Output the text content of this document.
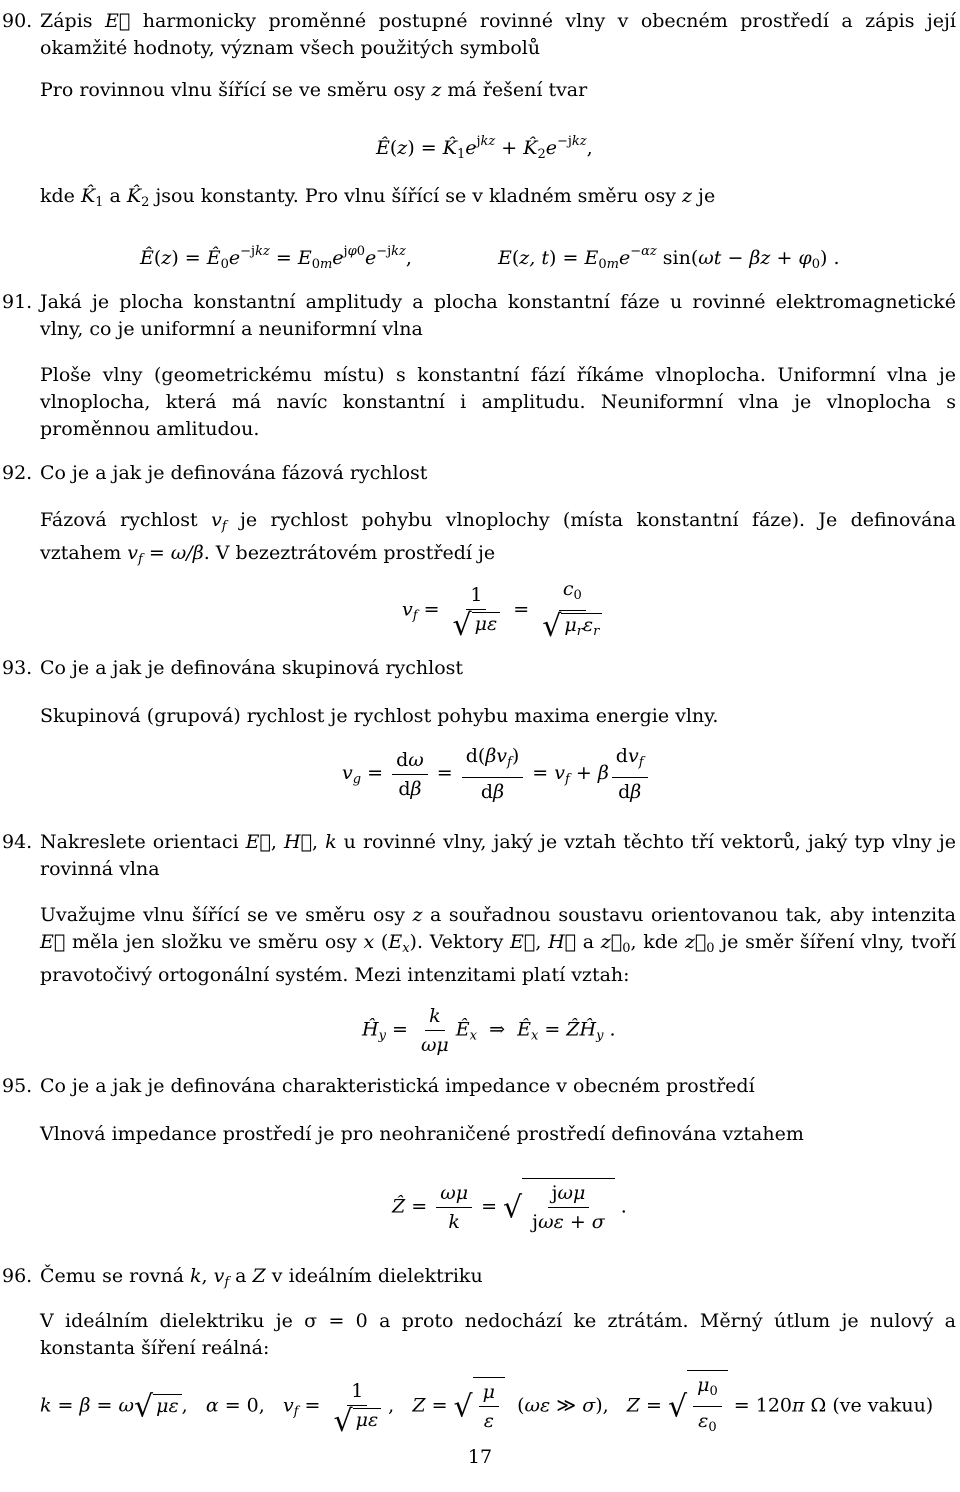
90. Zápis E⃗ harmonicky proměnné postupné rovinné vlny v obecném prostředí a zápis její okamžité hodnoty, význam všech použitých symbolů
Pro rovinnou vlnu šířící se ve směru osy z má řešení tvar
Ê(z) = $K̂_1e^{jkz}$ + $K̂_2e^{-jkz}$,
kde $K̂_1$ a $K̂_2$ jsou konstanty. Pro vlnu šířící se v kladném směru osy z je
Ê(z) = $Ê_0e^{-jkz} = E_{0m}e^{j\varphi 0}e^{-jkz}$,	E(z, $t) = E_{0m}e^{-\alpha z}$ $\sin(\omega t - \beta z + \varphi_0)$ .
91. Jaká je plocha konstantní amplitudy a plocha konstantní fáze u rovinné elektromagnetické vlny, co je uniformní a neuniformní vlna
Ploše vlny (geometrickému místu) s konstantní fází říkáme vlnoplocha. Uniformní vlna je vlnoplocha, která má navíc konstantní i amplitudu. Neuniformní vlna je vlnoplocha s proměnnou amlitudou.
92. Co je a jak je definována fázová rychlost
Fázová rychlost $v_f$ je rychlost pohybu vlnoplochy (místa konstantní fáze). Je definována vztahem $v_f = \omega/\beta$. V bezeztrátovém prostředí je
$v_f = \frac{1}{√ \mu\varepsilon} = \frac{c_0}{√ \mu_r\varepsilon_r}$
93. Co je a jak je definována skupinová rychlost
Skupinová (grupová) rychlost je rychlost pohybu maxima energie vlny.
$v_g = \frac{d\omega}{d\beta} = \frac{d(\beta v_f)}{d\beta} = v_f + \beta \frac{dv_f}{d\beta}$
94. Nakreslete orientaci E⃗, H⃗, k u rovinné vlny, jaký je vztah těchto tří vektorů, jaký typ vlny je rovinná vlna
Uvažujme vlnu šířící se ve směru osy z a souřadnou soustavu orientovanou tak, aby intenzita E⃗ měla jen složku ve směru osy x $(E_x)$. Vektory E⃗, H⃗ a $z⃗_0$, kde $z⃗_0$ je směr šíření vlny, tvoří pravotočivý ortogonální systém. Mezi intenzitami platí vztah:
$Ĥ_y = \frac{k}{\omega\mu}$ $Ê_x$  ⇒  $Ê_x$ = ẐĤ$_y$ .
95. Co je a jak je definována charakteristická impedance v obecném prostředí
Vlnová impedance prostředí je pro neohraničené prostředí definována vztahem
Ẑ = $\frac{\omega\mu}{k}$ = √ $\frac{\text{jωμ}}{\text{jωε + σ}}$ .
96. Čemu se rovná k, $v_f$ a Z v ideálním dielektriku
V ideálním dielektriku je σ = 0 a proto nedochází ke ztrátám. Měrný útlum je nulový a konstanta šíření reálná:
k = β = ω√ με ,   α = 0,   $v_f = \frac{1}{√ \mu\varepsilon}$ ,   Z = √ $\frac{\mu}{\varepsilon} (\omega\varepsilon$ ≫ σ),   Z = √ $\frac{\mu_0}{\varepsilon_0} = 120\pi$ Ω (ve vakuu)
17
